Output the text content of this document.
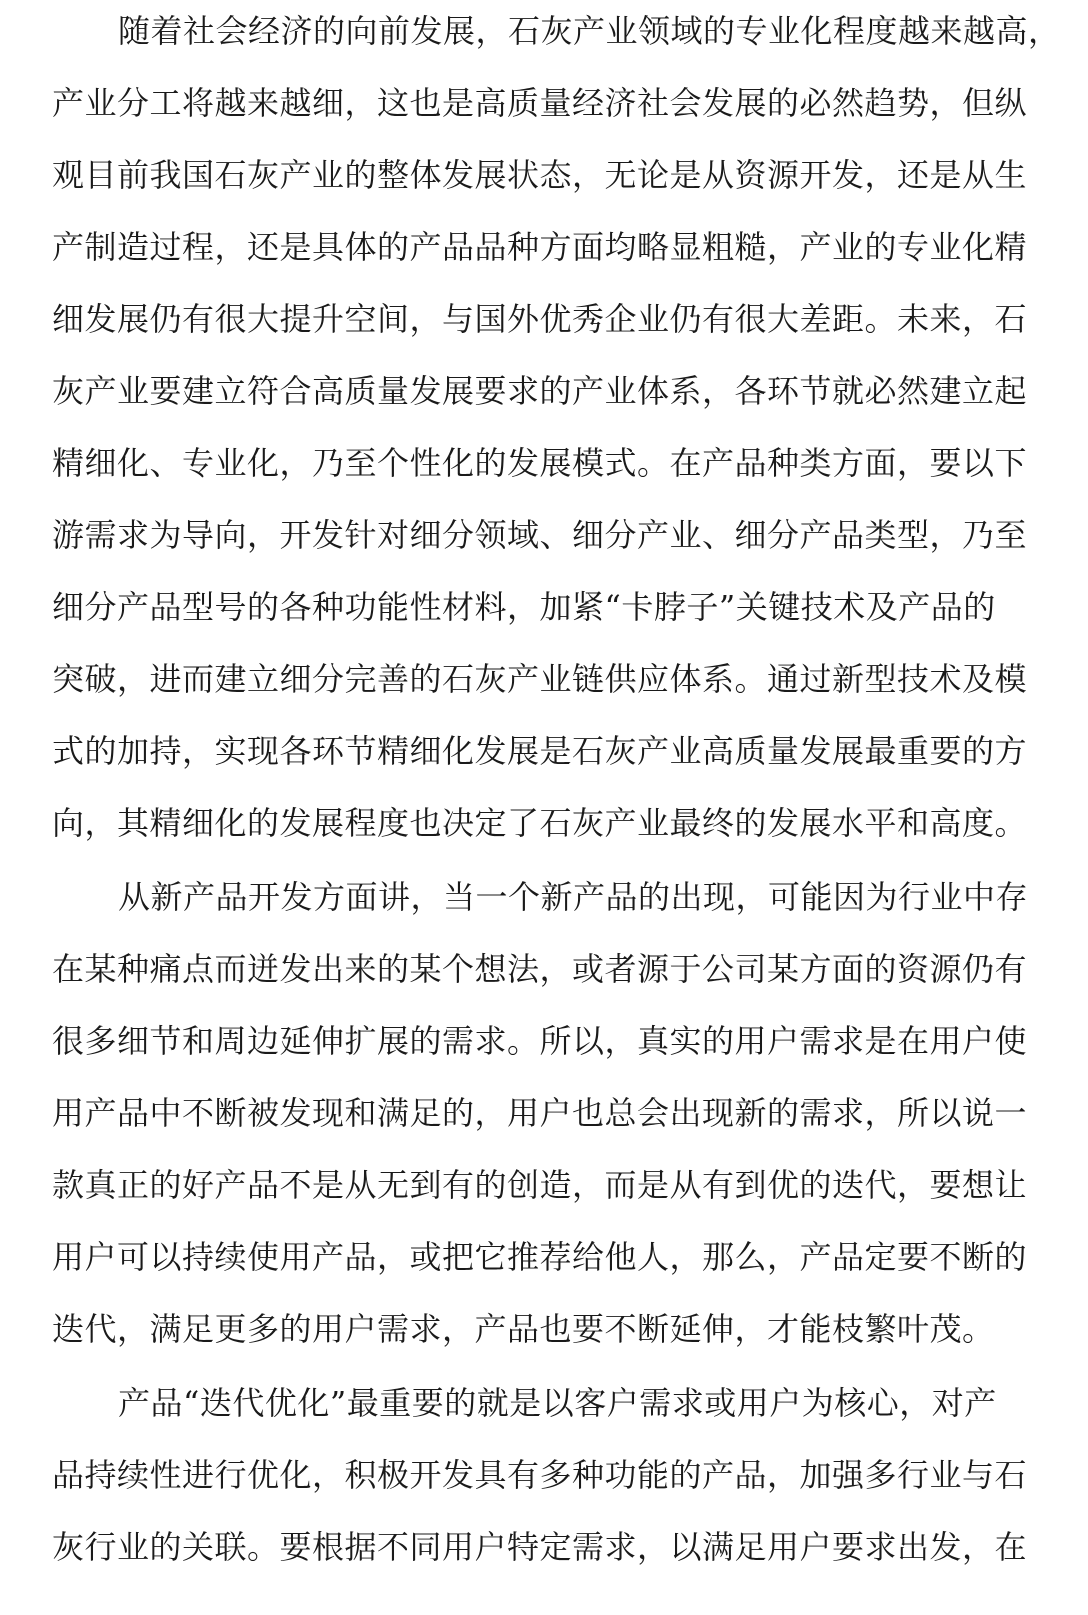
随着社会经济的向前发展，石灰产业领域的专业化程度越来越高，
产业分工将越来越细，这也是高质量经济社会发展的必然趋势，但纵
观目前我国石灰产业的整体发展状态，无论是从资源开发，还是从生
产制造过程，还是具体的产品品种方面均略显粗糙，产业的专业化精
细发展仍有很大提升空间，与国外优秀企业仍有很大差距。未来，石
灰产业要建立符合高质量发展要求的产业体系，各环节就必然建立起
精细化、专业化，乃至个性化的发展模式。在产品种类方面，要以下
游需求为导向，开发针对细分领域、细分产业、细分产品类型，乃至
细分产品型号的各种功能性材料，加紧“卡脖子”关键技术及产品的
突破，进而建立细分完善的石灰产业链供应体系。通过新型技术及模
式的加持，实现各环节精细化发展是石灰产业高质量发展最重要的方
向，其精细化的发展程度也决定了石灰产业最终的发展水平和高度。
从新产品开发方面讲，当一个新产品的出现，可能因为行业中存
在某种痛点而迸发出来的某个想法，或者源于公司某方面的资源仍有
很多细节和周边延伸扩展的需求。所以，真实的用户需求是在用户使
用产品中不断被发现和满足的，用户也总会出现新的需求，所以说一
款真正的好产品不是从无到有的创造，而是从有到优的迭代，要想让
用户可以持续使用产品，或把它推荐给他人，那么，产品定要不断的
迭代，满足更多的用户需求，产品也要不断延伸，才能枝繁叶茂。
产品“迭代优化”最重要的就是以客户需求或用户为核心，对产
品持续性进行优化，积极开发具有多种功能的产品，加强多行业与石
灰行业的关联。要根据不同用户特定需求，以满足用户要求出发，在
